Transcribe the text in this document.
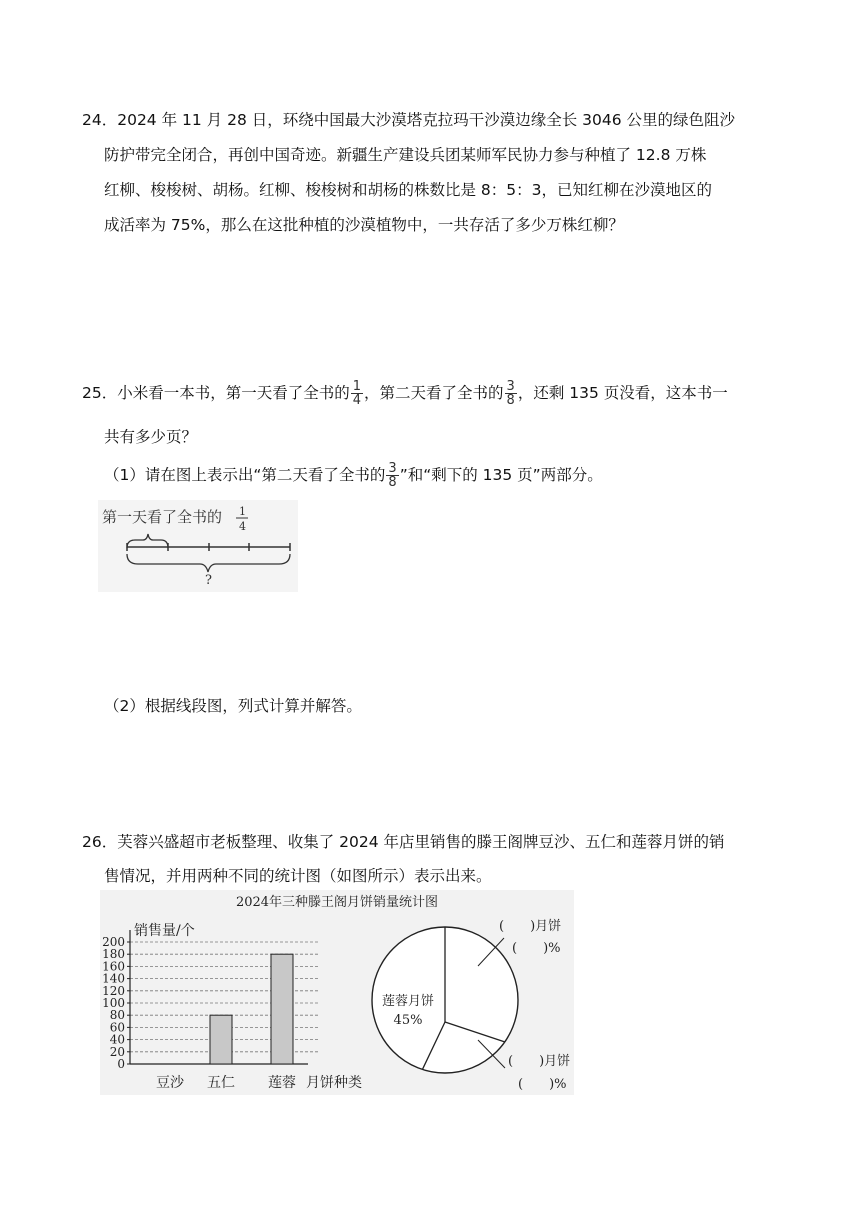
24．2024 年 11 月 28 日，环绕中国最大沙漠塔克拉玛干沙漠边缘全长 3046 公里的绿色阻沙
防护带完全闭合，再创中国奇迹。新疆生产建设兵团某师军民协力参与种植了 12.8 万株
红柳、梭梭树、胡杨。红柳、梭梭树和胡杨的株数比是 8：5：3，已知红柳在沙漠地区的
成活率为 75%，那么在这批种植的沙漠植物中，一共存活了多少万株红柳？
25．小米看一本书，第一天看了全书的 $\frac{1}{4}$ ，第二天看了全书的 $\frac{3}{8}$ ，还剩 135 页没看，这本书一
共有多少页？
（1）请在图上表示出“第二天看了全书的 $\frac{3}{8}$ ”和“剩下的 135 页”两部分。
第一天看了全书的 1
4
?
（2）根据线段图，列式计算并解答。
26．芙蓉兴盛超市老板整理、收集了 2024 年店里销售的滕王阁牌豆沙、五仁和莲蓉月饼的销
售情况，并用两种不同的统计图（如图所示）表示出来。
2024年三种滕王阁月饼销量统计图
销售量/个
月饼种类
0
20
40
60
80
100
120
140
160
180
200
豆沙 五仁 莲蓉
(　　)月饼
(　　)%
莲蓉月饼
45%
(　　)月饼
(　　)%
